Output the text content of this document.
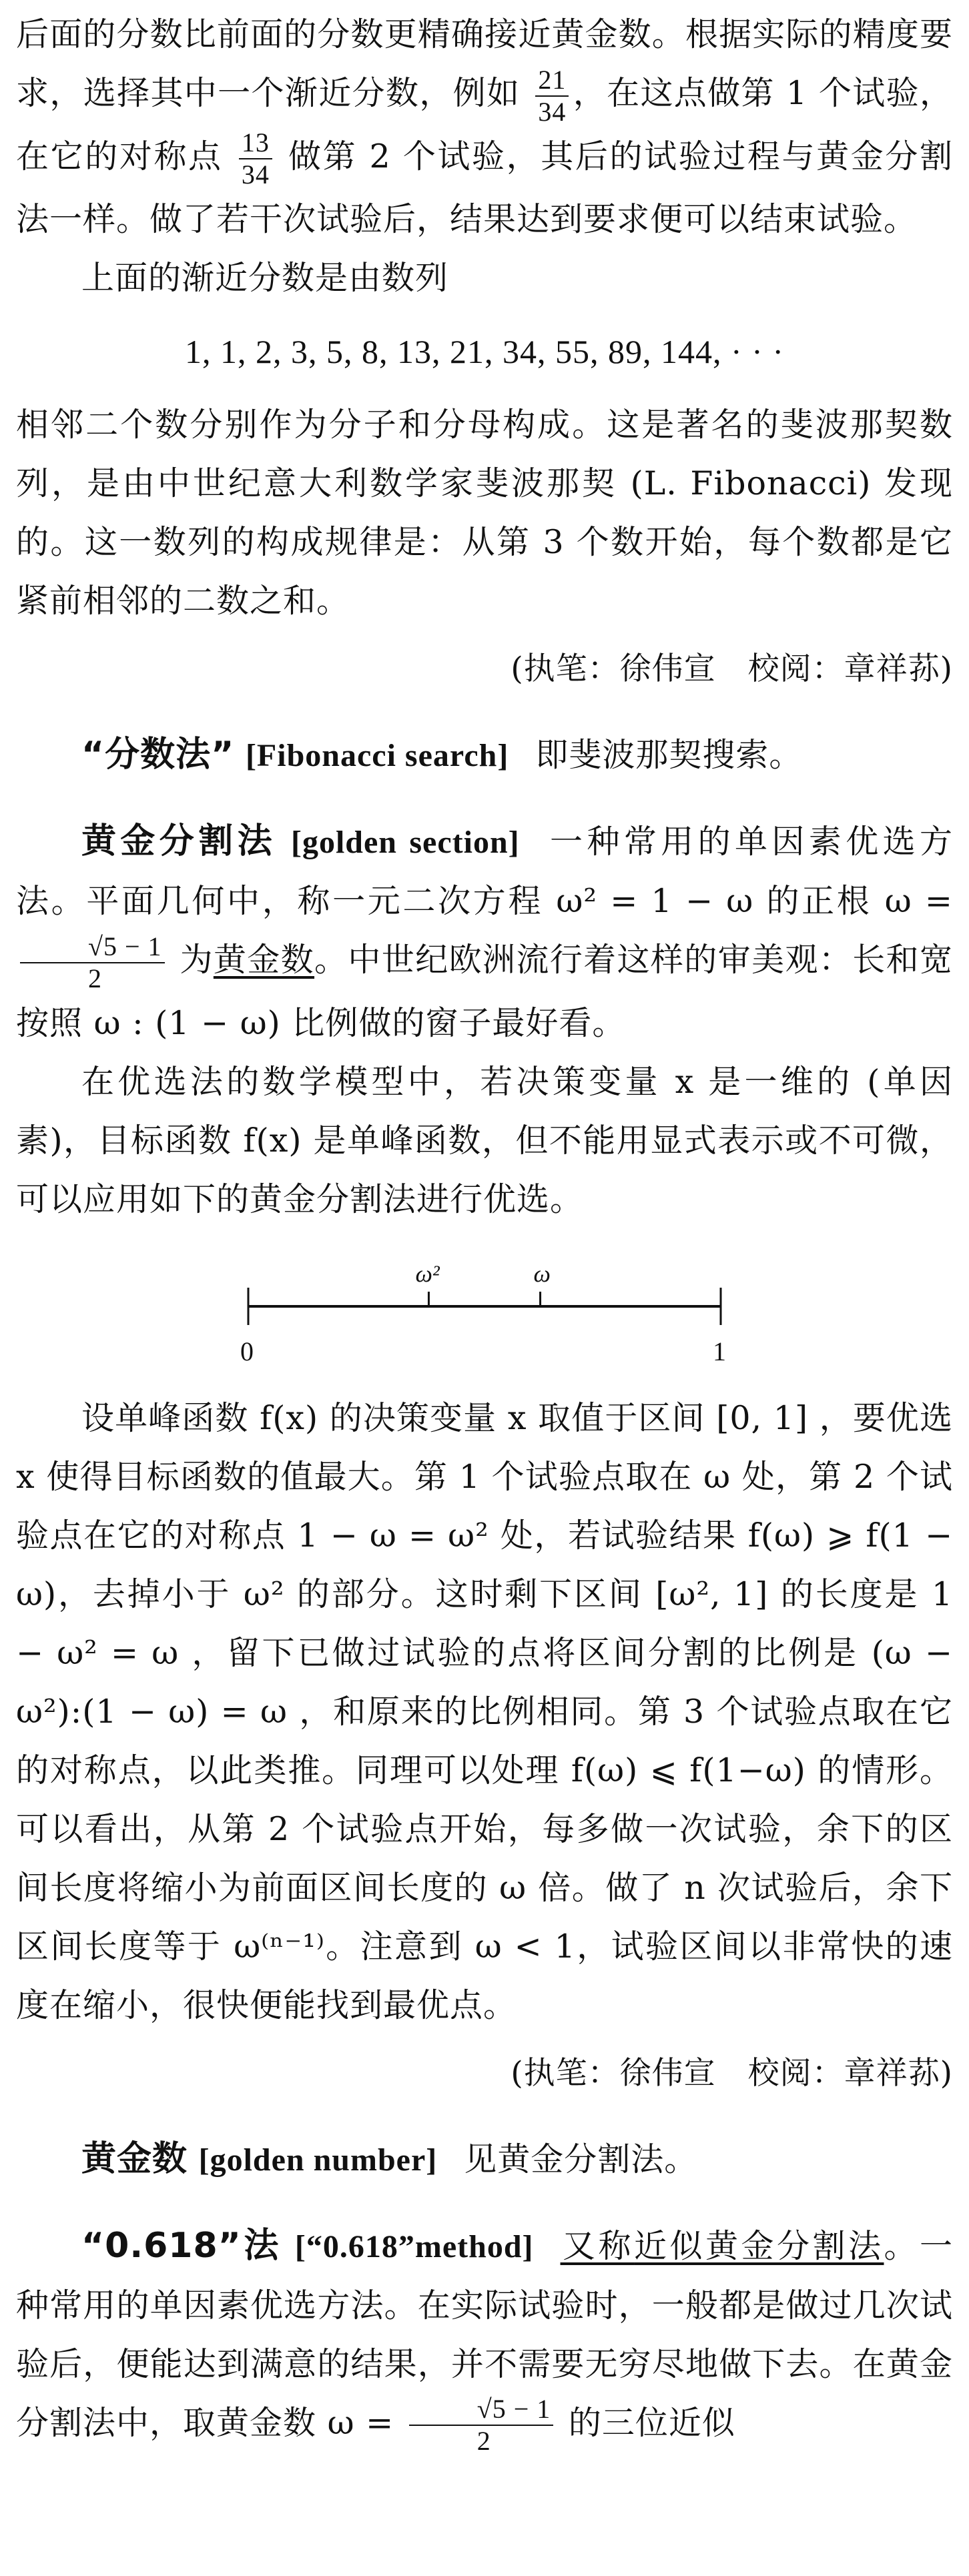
后面的分数比前面的分数更精确接近黄金数。根据实际的精度要求，选择其中一个渐近分数，例如 $\frac{21}{34}$ ，在这点做第 1 个试验，在它的对称点 $\frac{13}{34}$ 做第 2 个试验，其后的试验过程与黄金分割法一样。做了若干次试验后，结果达到要求便可以结束试验。

上面的渐近分数是由数列

1, 1, 2, 3, 5, 8, 13, 21, 34, 55, 89, 144, · · ·

相邻二个数分别作为分子和分母构成。这是著名的斐波那契数列，是由中世纪意大利数学家斐波那契 (L. Fibonacci) 发现的。这一数列的构成规律是：从第 3 个数开始，每个数都是它紧前相邻的二数之和。

(执笔：徐伟宣　校阅：章祥荪)

“分数法” [Fibonacci search] 即斐波那契搜索。

黄金分割法 [golden section] 一种常用的单因素优选方法。平面几何中，称一元二次方程 ω² = 1 − ω 的正根 ω =
$\frac{√5 - 1}{2}$ 为黄金数。中世纪欧洲流行着这样的审美观：长和宽按照 ω : (1 − ω) 比例做的窗子最好看。

在优选法的数学模型中，若决策变量 x 是一维的 (单因素)，目标函数 f(x) 是单峰函数，但不能用显式表示或不可微，可以应用如下的黄金分割法进行优选。

0	1
ω²	ω

设单峰函数 f(x) 的决策变量 x 取值于区间 [0, 1] ，要优选 x 使得目标函数的值最大。第 1 个试验点取在 ω 处，第 2 个试验点在它的对称点 1 − ω = ω² 处，若试验结果 f(ω) ⩾ f(1 − ω)，去掉小于 ω² 的部分。这时剩下区间 [ω², 1] 的长度是 1 − ω² = ω ，留下已做过试验的点将区间分割的比例是 (ω − ω²):(1 − ω) = ω ，和原来的比例相同。第 3 个试验点取在它的对称点，以此类推。同理可以处理 f(ω) ⩽ f(1−ω) 的情形。可以看出，从第 2 个试验点开始，每多做一次试验，余下的区间长度将缩小为前面区间长度的 ω 倍。做了 n 次试验后，余下区间长度等于 ω⁽ⁿ⁻¹⁾。注意到 ω < 1，试验区间以非常快的速度在缩小，很快便能找到最优点。

(执笔：徐伟宣　校阅：章祥荪)

黄金数 [golden number] 见黄金分割法。

“0.618”法 [“0.618”method] 又称近似黄金分割法。一种常用的单因素优选方法。在实际试验时，一般都是做过几次试验后，便能达到满意的结果，并不需要无穷尽地做下去。在黄金分割法中，取黄金数 $\omega = \frac{√5 - 1}{2}$ 的三位近似
